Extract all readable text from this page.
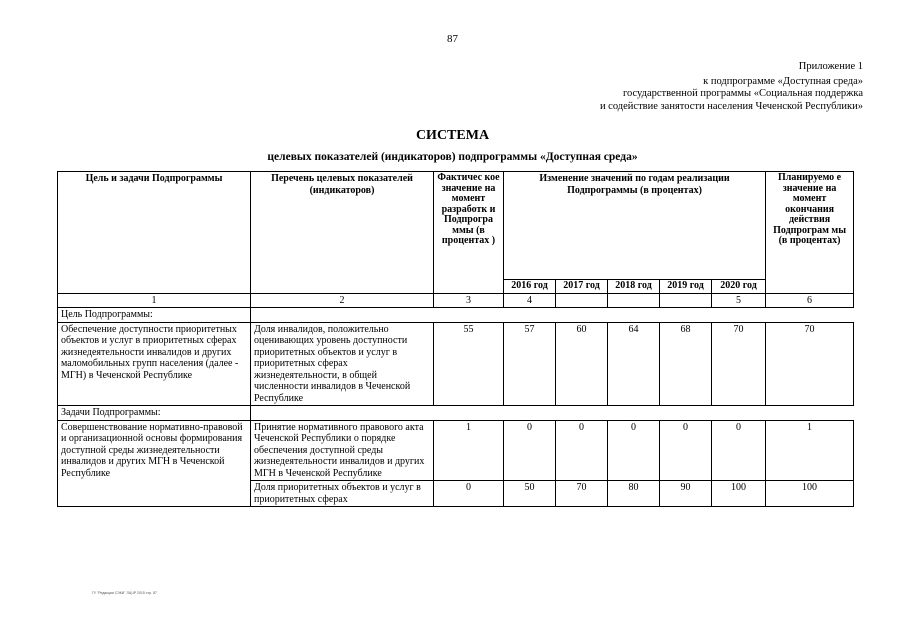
87
Приложение 1
к подпрограмме «Доступная среда»
государственной программы «Социальная поддержка
и содействие занятости населения Чеченской Республики»
СИСТЕМА
целевых показателей (индикаторов) подпрограммы «Доступная среда»
Цель и задачи Подпрограммы	Перечень целевых показателей (индикаторов)	Фактичес кое значение на момент разработк и Подпрогра ммы (в процентах )	Изменение значений по годам реализации Подпрограммы (в процентах)					Планируемо е значение на момент окончания действия Подпрограм мы (в процентах)
			2016 год	2017 год	2018 год	2019 год	2020 год	
1	2	3	4				5	6
Цель Подпрограммы:								
Обеспечение доступности приоритетных объектов и услуг в приоритетных сферах жизнедеятельности инвалидов и других маломобильных групп населения (далее - МГН) в Чеченской Республике	Доля инвалидов, положительно оценивающих уровень доступности приоритетных объектов и услуг в приоритетных сферах жизнедеятельности, в общей численности инвалидов в Чеченской Республике	55	57	60	64	68	70	70
Задачи Подпрограммы:								
Совершенствование нормативно-правовой и организационной основы формирования доступной среды жизнедеятельности инвалидов и других МГН в Чеченской Республике	Принятие нормативного правового акта Чеченской Республики о порядке обеспечения доступной среды жизнедеятельности инвалидов и других МГН в Чеченской Республике	1	0	0	0	0	0	1
	Доля приоритетных объектов и услуг в приоритетных сферах	0	50	70	80	90	100	100
ГУ "Редакция СЭКИ" ЛЦЧР 2015 стр. 87
